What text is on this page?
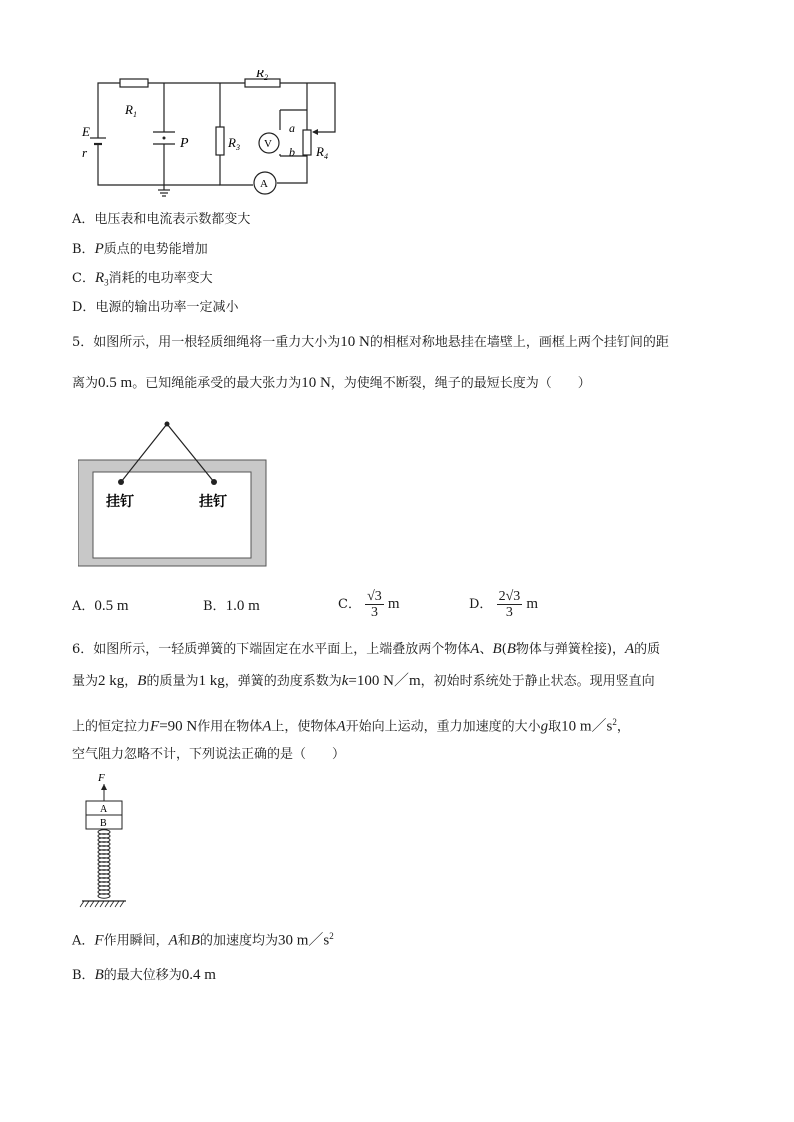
$R_1$
$R_2$
$R_3$	$R_4$
E
r
P	V
A
a
b
A．电压表和电流表示数都变大
B．P质点的电势能增加
C．$R_3$消耗的电功率变大
D．电源的输出功率一定减小
5．如图所示，用一根轻质细绳将一重力大小为10 N的相框对称地悬挂在墙壁上，画框上两个挂钉间的距
离为0.5 m。已知绳能承受的最大张力为10 N，为使绳不断裂，绳子的最短长度为（　　）
挂钉	挂钉
A．0.5 m	B．1.0 m	C． $\frac{√3}{3}$ m	D． $\frac{2√3}{3}$ m
6．如图所示，一轻质弹簧的下端固定在水平面上，上端叠放两个物体A、B(B物体与弹簧栓接)，A的质
量为2 kg，B的质量为1 kg，弹簧的劲度系数为k=100 N／m，初始时系统处于静止状态。现用竖直向
上的恒定拉力F=90 N作用在物体A上，使物体A开始向上运动，重力加速度的大小g取10 $m/s^2$，
空气阻力忽略不计，下列说法正确的是（　　）
F
A
B
A．F作用瞬间，A和B的加速度均为30 $m/s^2$
B．B的最大位移为0.4 m
